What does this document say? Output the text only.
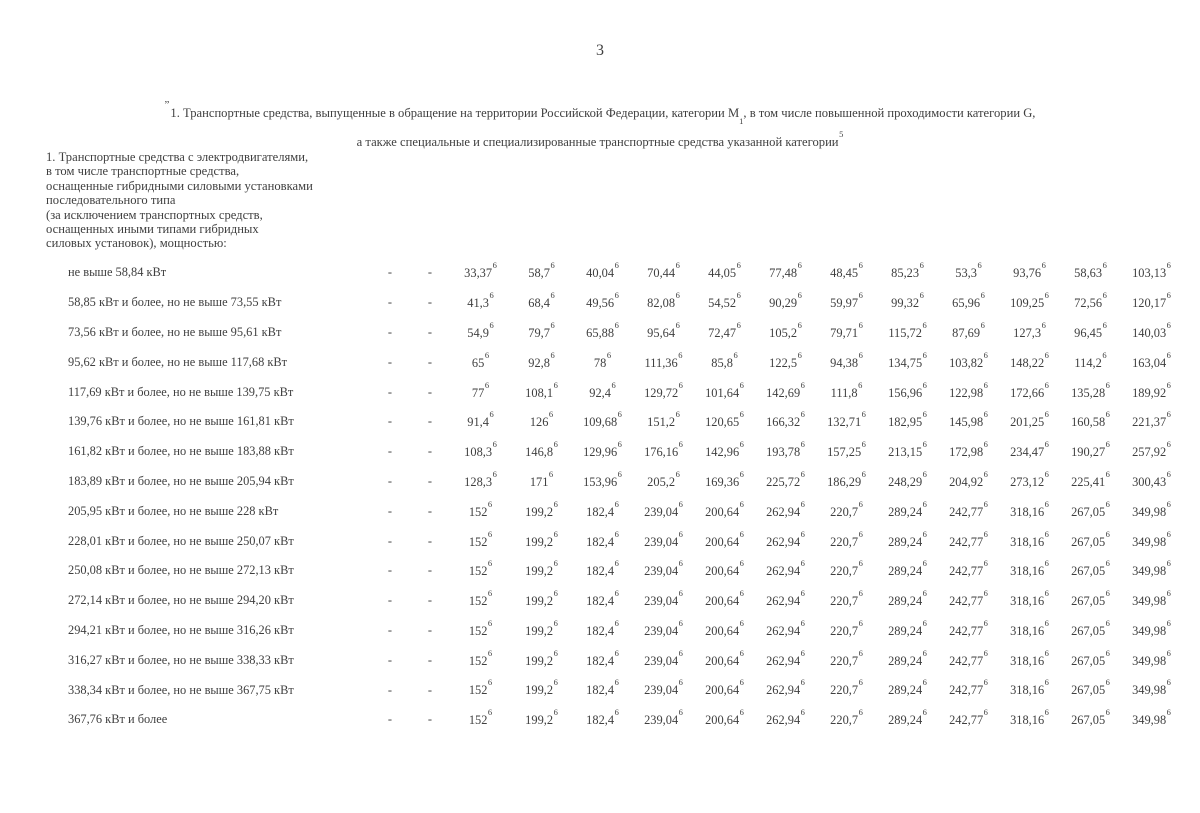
3
”1. Транспортные средства, выпущенные в обращение на территории Российской Федерации, категории $М_1$, в том числе повышенной проходимости категории G,
а также специальные и специализированные транспортные средства указанной категории$^5$
1. Транспортные средства с электродвигателями,
в том числе транспортные средства,
оснащенные гибридными силовыми установками
последовательного типа
(за исключением транспортных средств,
оснащенных иными типами гибридных
силовых установок), мощностью:
не выше 58,84 кВт	-	-	33,37$^6$	58,7$^6$	40,04$^6$	70,44$^6$	44,05$^6$	77,48$^6$	48,45$^6$	85,23$^6$	53,3$^6$	93,76$^6$	58,63$^6$	103,13$^6$
58,85 кВт и более, но не выше 73,55 кВт	-	-	41,3$^6$	68,4$^6$	49,56$^6$	82,08$^6$	54,52$^6$	90,29$^6$	59,97$^6$	99,32$^6$	65,96$^6$	109,25$^6$	72,56$^6$	120,17$^6$
73,56 кВт и более, но не выше 95,61 кВт	-	-	54,9$^6$	79,7$^6$	65,88$^6$	95,64$^6$	72,47$^6$	105,2$^6$	79,71$^6$	115,72$^6$	87,69$^6$	127,3$^6$	96,45$^6$	140,03$^6$
95,62 кВт и более, но не выше 117,68 кВт	-	-	65$^6$	92,8$^6$	78$^6$	111,36$^6$	85,8$^6$	122,5$^6$	94,38$^6$	134,75$^6$	103,82$^6$	148,22$^6$	114,2$^6$	163,04$^6$
117,69 кВт и более, но не выше 139,75 кВт	-	-	77$^6$	108,1$^6$	92,4$^6$	129,72$^6$	101,64$^6$	142,69$^6$	111,8$^6$	156,96$^6$	122,98$^6$	172,66$^6$	135,28$^6$	189,92$^6$
139,76 кВт и более, но не выше 161,81 кВт	-	-	91,4$^6$	126$^6$	109,68$^6$	151,2$^6$	120,65$^6$	166,32$^6$	132,71$^6$	182,95$^6$	145,98$^6$	201,25$^6$	160,58$^6$	221,37$^6$
161,82 кВт и более, но не выше 183,88 кВт	-	-	108,3$^6$	146,8$^6$	129,96$^6$	176,16$^6$	142,96$^6$	193,78$^6$	157,25$^6$	213,15$^6$	172,98$^6$	234,47$^6$	190,27$^6$	257,92$^6$
183,89 кВт и более, но не выше 205,94 кВт	-	-	128,3$^6$	171$^6$	153,96$^6$	205,2$^6$	169,36$^6$	225,72$^6$	186,29$^6$	248,29$^6$	204,92$^6$	273,12$^6$	225,41$^6$	300,43$^6$
205,95 кВт и более, но не выше 228 кВт	-	-	152$^6$	199,2$^6$	182,4$^6$	239,04$^6$	200,64$^6$	262,94$^6$	220,7$^6$	289,24$^6$	242,77$^6$	318,16$^6$	267,05$^6$	349,98$^6$
228,01 кВт и более, но не выше 250,07 кВт	-	-	152$^6$	199,2$^6$	182,4$^6$	239,04$^6$	200,64$^6$	262,94$^6$	220,7$^6$	289,24$^6$	242,77$^6$	318,16$^6$	267,05$^6$	349,98$^6$
250,08 кВт и более, но не выше 272,13 кВт	-	-	152$^6$	199,2$^6$	182,4$^6$	239,04$^6$	200,64$^6$	262,94$^6$	220,7$^6$	289,24$^6$	242,77$^6$	318,16$^6$	267,05$^6$	349,98$^6$
272,14 кВт и более, но не выше 294,20 кВт	-	-	152$^6$	199,2$^6$	182,4$^6$	239,04$^6$	200,64$^6$	262,94$^6$	220,7$^6$	289,24$^6$	242,77$^6$	318,16$^6$	267,05$^6$	349,98$^6$
294,21 кВт и более, но не выше 316,26 кВт	-	-	152$^6$	199,2$^6$	182,4$^6$	239,04$^6$	200,64$^6$	262,94$^6$	220,7$^6$	289,24$^6$	242,77$^6$	318,16$^6$	267,05$^6$	349,98$^6$
316,27 кВт и более, но не выше 338,33 кВт	-	-	152$^6$	199,2$^6$	182,4$^6$	239,04$^6$	200,64$^6$	262,94$^6$	220,7$^6$	289,24$^6$	242,77$^6$	318,16$^6$	267,05$^6$	349,98$^6$
338,34 кВт и более, но не выше 367,75 кВт	-	-	152$^6$	199,2$^6$	182,4$^6$	239,04$^6$	200,64$^6$	262,94$^6$	220,7$^6$	289,24$^6$	242,77$^6$	318,16$^6$	267,05$^6$	349,98$^6$
367,76 кВт и более	-	-	152$^6$	199,2$^6$	182,4$^6$	239,04$^6$	200,64$^6$	262,94$^6$	220,7$^6$	289,24$^6$	242,77$^6$	318,16$^6$	267,05$^6$	349,98$^6$
